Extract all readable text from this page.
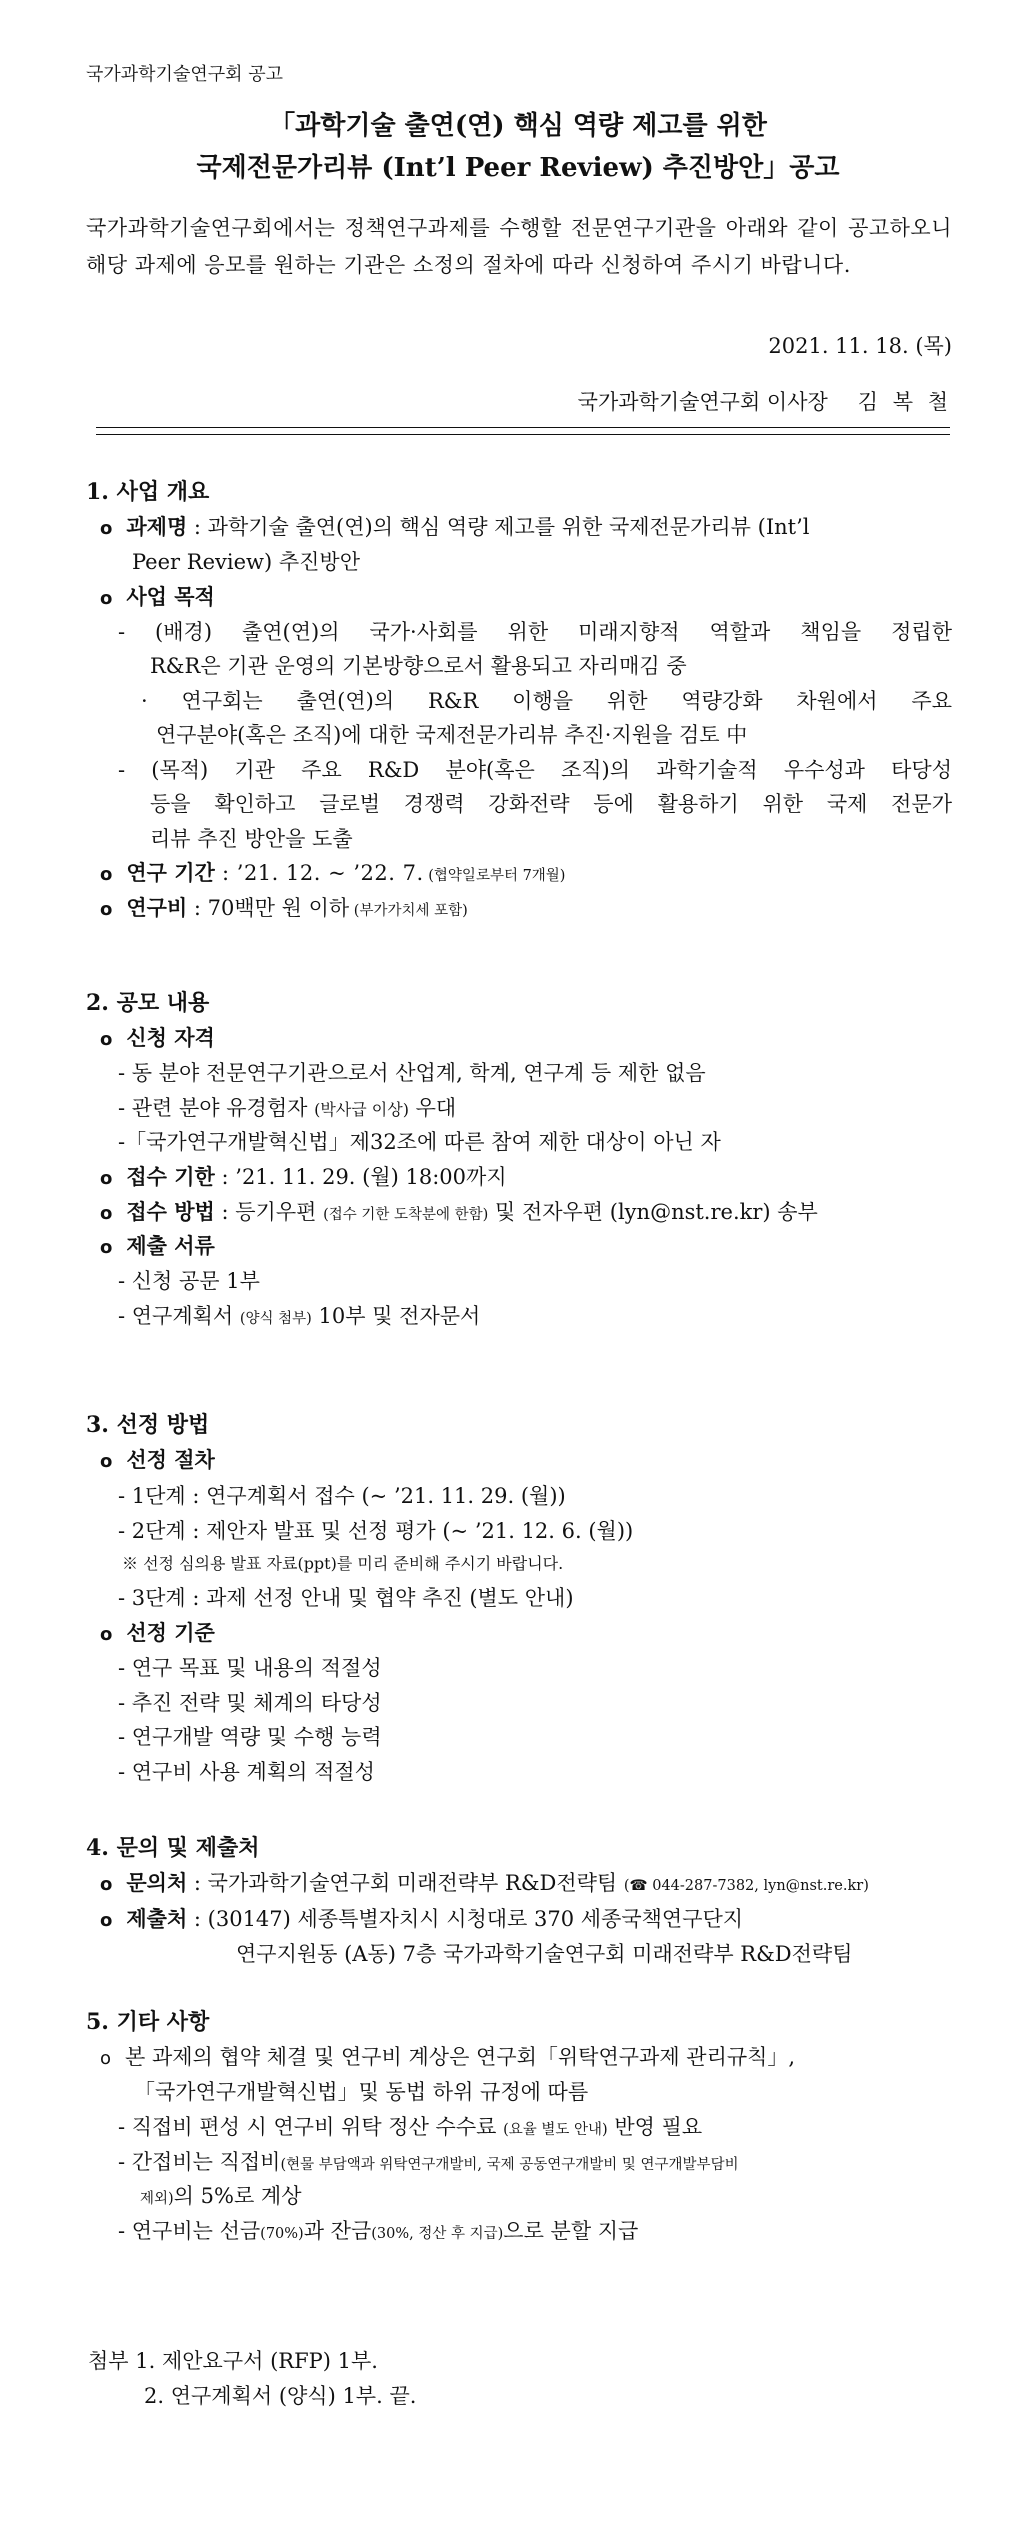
국가과학기술연구회 공고
「과학기술 출연(연) 핵심 역량 제고를 위한
국제전문가리뷰 (Int’l Peer Review) 추진방안」공고
국가과학기술연구회에서는 정책연구과제를 수행할 전문연구기관을 아래와 같이 공고하오니 해당 과제에 응모를 원하는 기관은 소정의 절차에 따라 신청하여 주시기 바랍니다.
2021. 11. 18. (목)
국가과학기술연구회 이사장 김 복 철
1. 사업 개요
o 과제명 : 과학기술 출연(연)의 핵심 역량 제고를 위한 국제전문가리뷰 (Int’l
Peer Review) 추진방안
o 사업 목적
- (배경) 출연(연)의 국가·사회를 위한 미래지향적 역할과 책임을 정립한
R&R은 기관 운영의 기본방향으로서 활용되고 자리매김 중
· 연구회는 출연(연)의 R&R 이행을 위한 역량강화 차원에서 주요
연구분야(혹은 조직)에 대한 국제전문가리뷰 추진·지원을 검토 中
- (목적) 기관 주요 R&D 분야(혹은 조직)의 과학기술적 우수성과 타당성
등을 확인하고 글로벌 경쟁력 강화전략 등에 활용하기 위한 국제 전문가
리뷰 추진 방안을 도출
o 연구 기간 : ’21. 12. ~ ’22. 7. (협약일로부터 7개월)
o 연구비 : 70백만 원 이하 (부가가치세 포함)
2. 공모 내용
o 신청 자격
- 동 분야 전문연구기관으로서 산업계, 학계, 연구계 등 제한 없음
- 관련 분야 유경험자 (박사급 이상) 우대
-「국가연구개발혁신법」제32조에 따른 참여 제한 대상이 아닌 자
o 접수 기한 : ’21. 11. 29. (월) 18:00까지
o 접수 방법 : 등기우편 (접수 기한 도착분에 한함) 및 전자우편 (lyn@nst.re.kr) 송부
o 제출 서류
- 신청 공문 1부
- 연구계획서 (양식 첨부) 10부 및 전자문서
3. 선정 방법
o 선정 절차
- 1단계 : 연구계획서 접수 (~ ’21. 11. 29. (월))
- 2단계 : 제안자 발표 및 선정 평가 (~ ’21. 12. 6. (월))
※ 선정 심의용 발표 자료(ppt)를 미리 준비해 주시기 바랍니다.
- 3단계 : 과제 선정 안내 및 협약 추진 (별도 안내)
o 선정 기준
- 연구 목표 및 내용의 적절성
- 추진 전략 및 체계의 타당성
- 연구개발 역량 및 수행 능력
- 연구비 사용 계획의 적절성
4. 문의 및 제출처
o 문의처 : 국가과학기술연구회 미래전략부 R&D전략팀 (☎ 044-287-7382, lyn@nst.re.kr)
o 제출처 : (30147) 세종특별자치시 시청대로 370 세종국책연구단지
연구지원동 (A동) 7층 국가과학기술연구회 미래전략부 R&D전략팀
5. 기타 사항
o 본 과제의 협약 체결 및 연구비 계상은 연구회「위탁연구과제 관리규칙」,
「국가연구개발혁신법」및 동법 하위 규정에 따름
- 직접비 편성 시 연구비 위탁 정산 수수료 (요율 별도 안내) 반영 필요
- 간접비는 직접비(현물 부담액과 위탁연구개발비, 국제 공동연구개발비 및 연구개발부담비
제외)의 5%로 계상
- 연구비는 선금(70%)과 잔금(30%, 정산 후 지급)으로 분할 지급
첨부 1. 제안요구서 (RFP) 1부.
2. 연구계획서 (양식) 1부. 끝.
